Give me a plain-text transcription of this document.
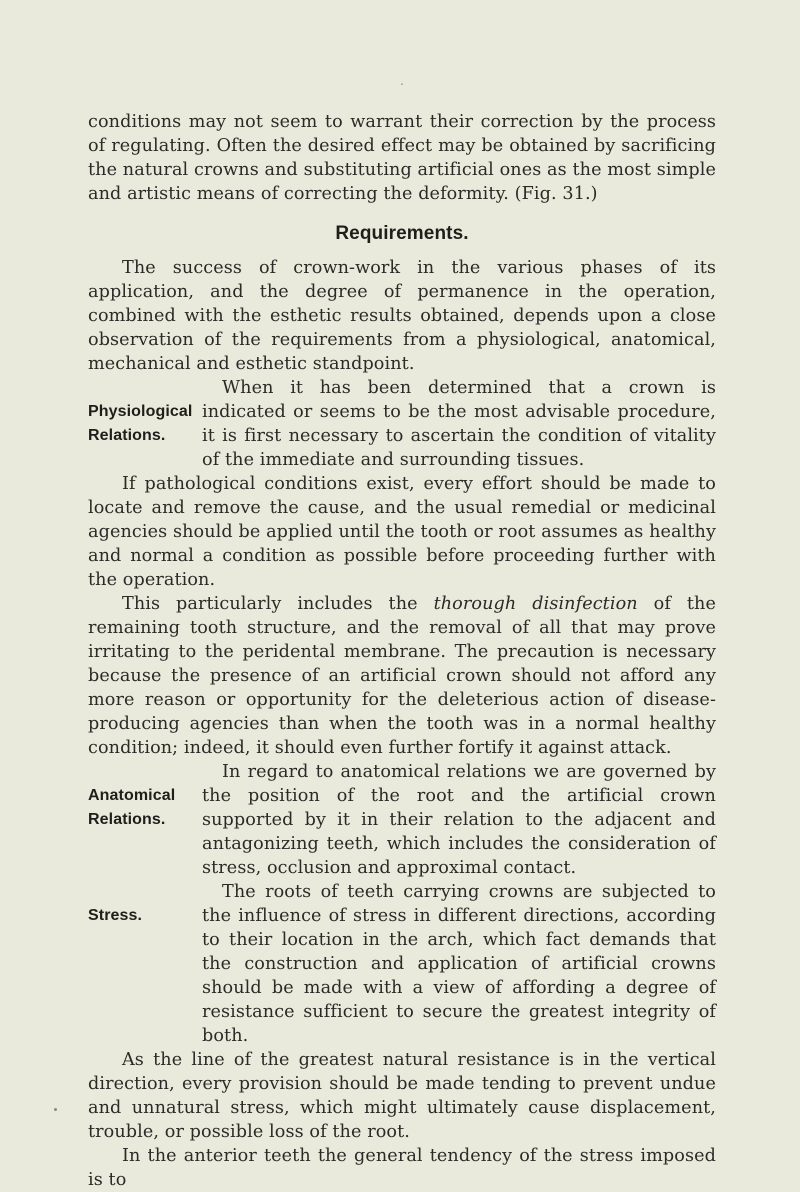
.

conditions may not seem to warrant their correction by the process of regulating. Often the desired effect may be obtained by sacrificing the natural crowns and substituting artificial ones as the most simple and artistic means of correcting the deformity. (Fig. 31.)

Requirements.

The success of crown-work in the various phases of its application, and the degree of permanence in the operation, combined with the esthetic results obtained, depends upon a close observation of the requirements from a physiological, anatomical, mechanical and esthetic standpoint.

Physiological
Relations.

When it has been determined that a crown is indicated or seems to be the most advisable procedure, it is first necessary to ascertain the condition of vitality of the immediate and surrounding tissues.

If pathological conditions exist, every effort should be made to locate and remove the cause, and the usual remedial or medicinal agencies should be applied until the tooth or root assumes as healthy and normal a condition as possible before proceeding further with the operation.

This particularly includes the thorough disinfection of the remaining tooth structure, and the removal of all that may prove irritating to the peridental membrane. The precaution is necessary because the presence of an artificial crown should not afford any more reason or opportunity for the deleterious action of disease-producing agencies than when the tooth was in a normal healthy condition; indeed, it should even further fortify it against attack.

Anatomical
Relations.

In regard to anatomical relations we are governed by the position of the root and the artificial crown supported by it in their relation to the adjacent and antagonizing teeth, which includes the consideration of stress, occlusion and approximal contact.

Stress.

The roots of teeth carrying crowns are subjected to the influence of stress in different directions, according to their location in the arch, which fact demands that the construction and application of artificial crowns should be made with a view of affording a degree of resistance sufficient to secure the greatest integrity of both.

As the line of the greatest natural resistance is in the vertical direction, every provision should be made tending to prevent undue and unnatural stress, which might ultimately cause displacement, trouble, or possible loss of the root.

In the anterior teeth the general tendency of the stress imposed is to
